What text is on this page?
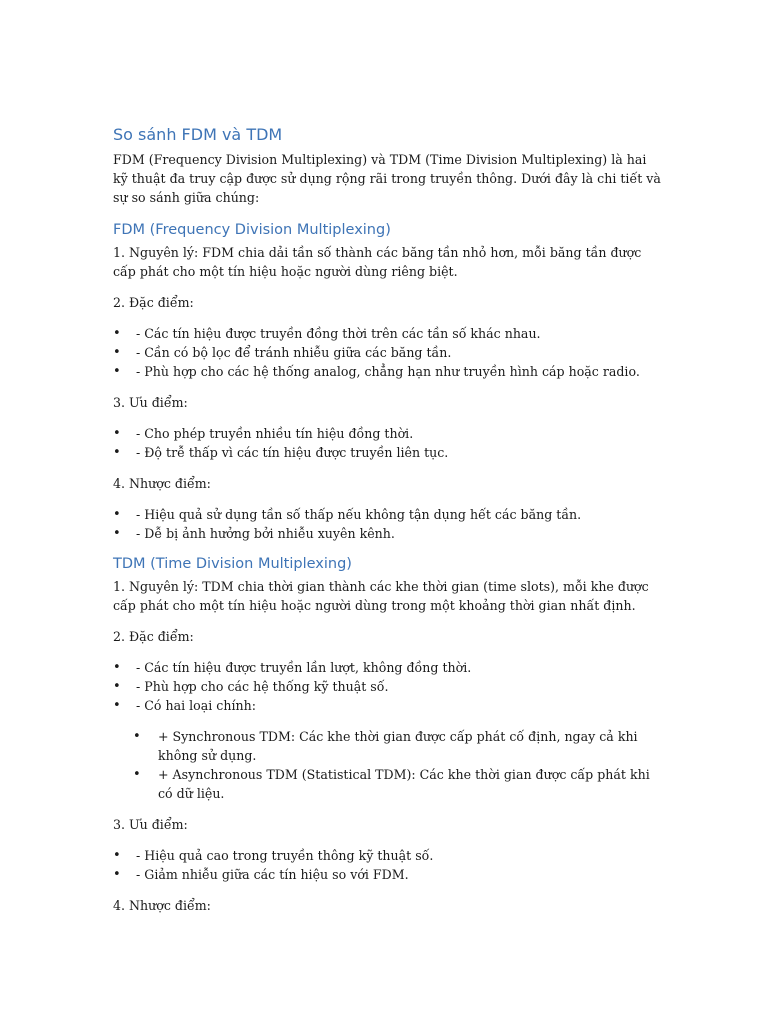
So sánh FDM và TDM

FDM (Frequency Division Multiplexing) và TDM (Time Division Multiplexing) là hai kỹ thuật đa truy cập được sử dụng rộng rãi trong truyền thông. Dưới đây là chi tiết và sự so sánh giữa chúng:

FDM (Frequency Division Multiplexing)

1. Nguyên lý: FDM chia dải tần số thành các băng tần nhỏ hơn, mỗi băng tần được cấp phát cho một tín hiệu hoặc người dùng riêng biệt.

2. Đặc điểm:

• - Các tín hiệu được truyền đồng thời trên các tần số khác nhau.
• - Cần có bộ lọc để tránh nhiễu giữa các băng tần.
• - Phù hợp cho các hệ thống analog, chẳng hạn như truyền hình cáp hoặc radio.

3. Ưu điểm:

• - Cho phép truyền nhiều tín hiệu đồng thời.
• - Độ trễ thấp vì các tín hiệu được truyền liên tục.

4. Nhược điểm:

• - Hiệu quả sử dụng tần số thấp nếu không tận dụng hết các băng tần.
• - Dễ bị ảnh hưởng bởi nhiễu xuyên kênh.
TDM (Time Division Multiplexing)

1. Nguyên lý: TDM chia thời gian thành các khe thời gian (time slots), mỗi khe được cấp phát cho một tín hiệu hoặc người dùng trong một khoảng thời gian nhất định.

2. Đặc điểm:

• - Các tín hiệu được truyền lần lượt, không đồng thời.
• - Phù hợp cho các hệ thống kỹ thuật số.
• - Có hai loại chính:
• + Synchronous TDM: Các khe thời gian được cấp phát cố định, ngay cả khi không sử dụng.
• + Asynchronous TDM (Statistical TDM): Các khe thời gian được cấp phát khi có dữ liệu.

3. Ưu điểm:

• - Hiệu quả cao trong truyền thông kỹ thuật số.
• - Giảm nhiễu giữa các tín hiệu so với FDM.

4. Nhược điểm:
